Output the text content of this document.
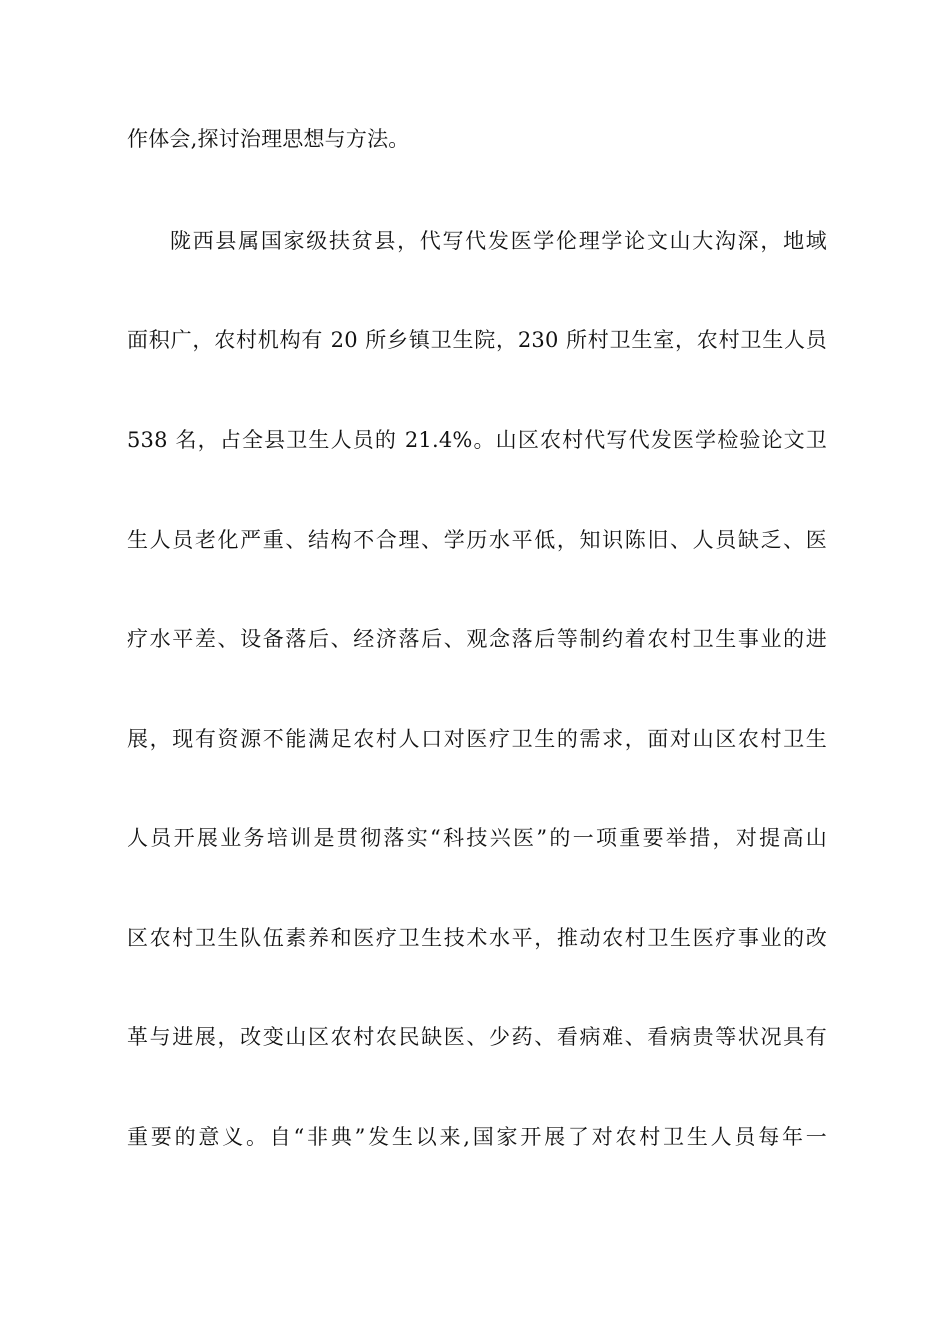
作体会,探讨治理思想与方法。
陇西县属国家级扶贫县，代写代发医学伦理学论文山大沟深，地域
面积广，农村机构有 20 所乡镇卫生院，230 所村卫生室，农村卫生人员
538 名，占全县卫生人员的 21.4%。山区农村代写代发医学检验论文卫
生人员老化严重、结构不合理、学历水平低，知识陈旧、人员缺乏、医
疗水平差、设备落后、经济落后、观念落后等制约着农村卫生事业的进
展，现有资源不能满足农村人口对医疗卫生的需求，面对山区农村卫生
人员开展业务培训是贯彻落实“科技兴医”的一项重要举措，对提高山
区农村卫生队伍素养和医疗卫生技术水平，推动农村卫生医疗事业的改
革与进展，改变山区农村农民缺医、少药、看病难、看病贵等状况具有
重要的意义。自“非典”发生以来,国家开展了对农村卫生人员每年一
